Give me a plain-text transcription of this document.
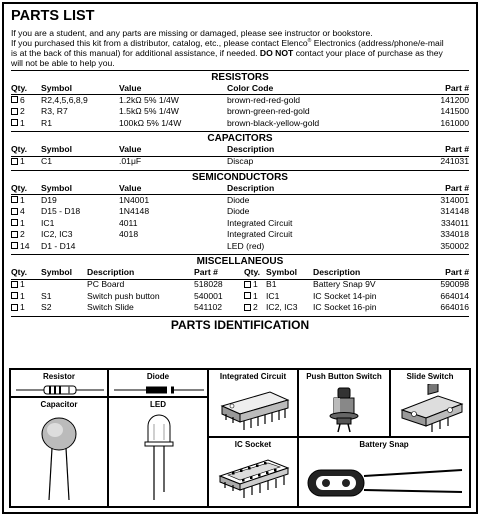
PARTS LIST
If you are a student, and any parts are missing or damaged, please see instructor or bookstore.
If you purchased this kit from a distributor, catalog, etc., please contact Elenco® Electronics (address/phone/e-mail
is at the back of this manual) for additional assistance, if needed. DO NOT contact your place of purchase as they
will not be able to help you.
RESISTORS
Qty.	Symbol	Value	Color Code	Part #
6	R2,4,5,6,8,9	1.2kΩ 5% 1/4W	brown-red-red-gold	141200
2	R3, R7	1.5kΩ 5% 1/4W	brown-green-red-gold	141500
1	R1	100kΩ 5% 1/4W	brown-black-yellow-gold	161000
CAPACITORS
Qty.	Symbol	Value	Description	Part #
1	C1	.01μF	Discap	241031
SEMICONDUCTORS
Qty.	Symbol	Value	Description	Part #
1	D19	1N4001	Diode	314001
4	D15 - D18	1N4148	Diode	314148
1	IC1	4011	Integrated Circuit	334011
2	IC2, IC3	4018	Integrated Circuit	334018
14	D1 - D14		LED (red)	350002
MISCELLANEOUS
Qty.	Symbol	Description	Part #	Qty.	Symbol	Description	Part #
1		PC Board	518028	1	B1	Battery Snap 9V	590098
1	S1	Switch push button	540001	1	IC1	IC Socket 14-pin	664014
1	S2	Switch Slide	541102	2	IC2, IC3	IC Socket 16-pin	664016
PARTS IDENTIFICATION
Resistor	Diode
Capacitor	LED
Integrated Circuit
IC Socket
Push Button Switch	Slide Switch
Battery Snap
